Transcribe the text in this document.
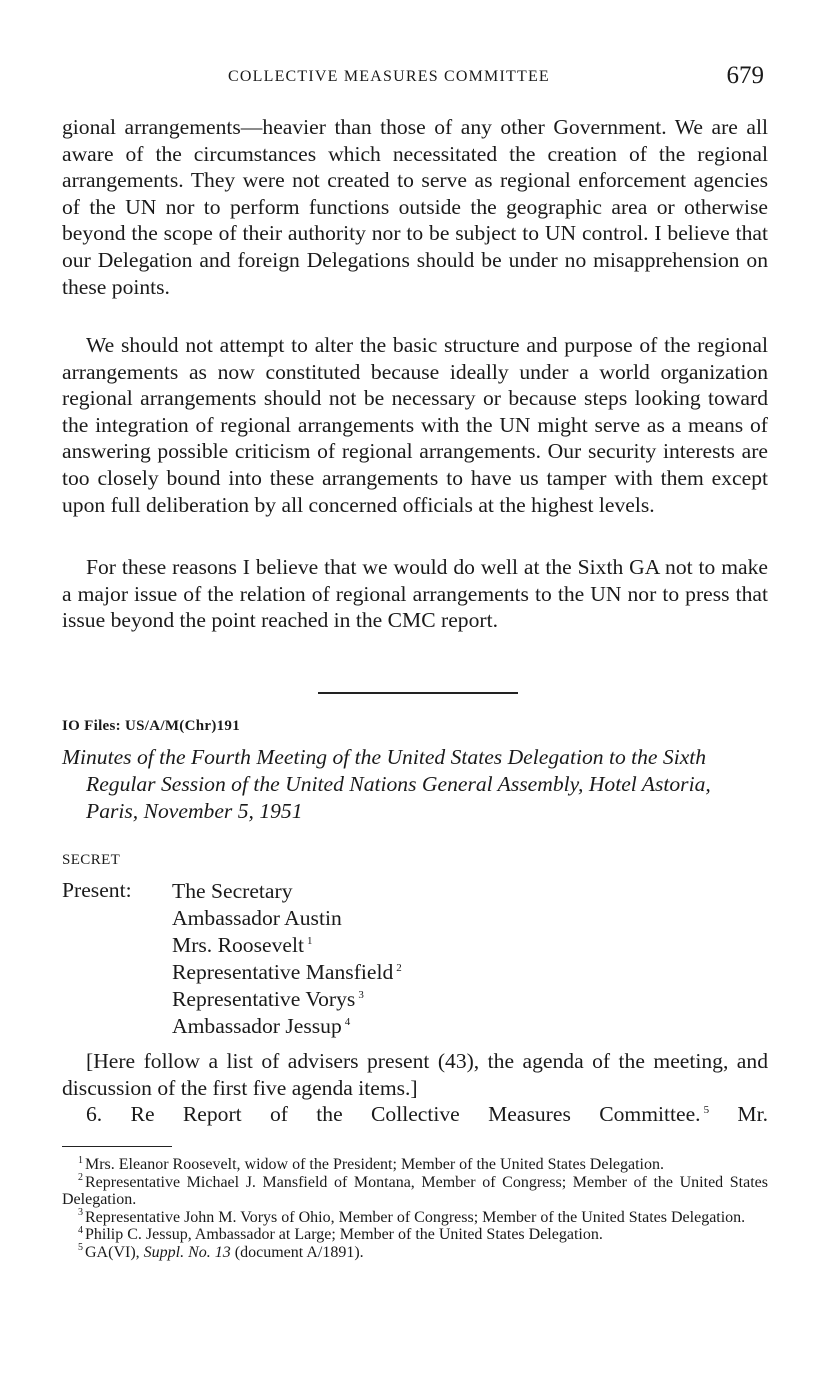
COLLECTIVE MEASURES COMMITTEE	679

gional arrangements—heavier than those of any other Government. We are all aware of the circumstances which necessitated the creation of the regional arrangements. They were not created to serve as regional enforcement agencies of the UN nor to perform functions outside the geographic area or otherwise beyond the scope of their authority nor to be subject to UN control. I believe that our Delegation and foreign Delegations should be under no misapprehension on these points.

We should not attempt to alter the basic structure and purpose of the regional arrangements as now constituted because ideally under a world organization regional arrangements should not be necessary or because steps looking toward the integration of regional arrangements with the UN might serve as a means of answering possible criticism of regional arrangements. Our security interests are too closely bound into these arrangements to have us tamper with them except upon full deliberation by all concerned officials at the highest levels.

For these reasons I believe that we would do well at the Sixth GA not to make a major issue of the relation of regional arrangements to the UN nor to press that issue beyond the point reached in the CMC report.

IO Files: US/A/M(Chr)191
Minutes of the Fourth Meeting of the United States Delegation to the Sixth Regular Session of the United Nations General Assembly, Hotel Astoria, Paris, November 5, 1951
SECRET
Present: The Secretary
Ambassador Austin
Mrs. Roosevelt $^1$
Representative Mansfield $^2$
Representative Vorys $^3$
Ambassador Jessup $^4$

[Here follow a list of advisers present (43), the agenda of the meeting, and discussion of the first five agenda items.]

6. Re Report of the Collective Measures Committee. $^5$ Mr.

$^1$ Mrs. Eleanor Roosevelt, widow of the President; Member of the United States Delegation.
$^2$ Representative Michael J. Mansfield of Montana, Member of Congress; Member of the United States Delegation.
$^3$ Representative John M. Vorys of Ohio, Member of Congress; Member of the United States Delegation.
$^4$ Philip C. Jessup, Ambassador at Large; Member of the United States Delegation.
$^5$ GA(VI), Suppl. No. 13 (document A/1891).
